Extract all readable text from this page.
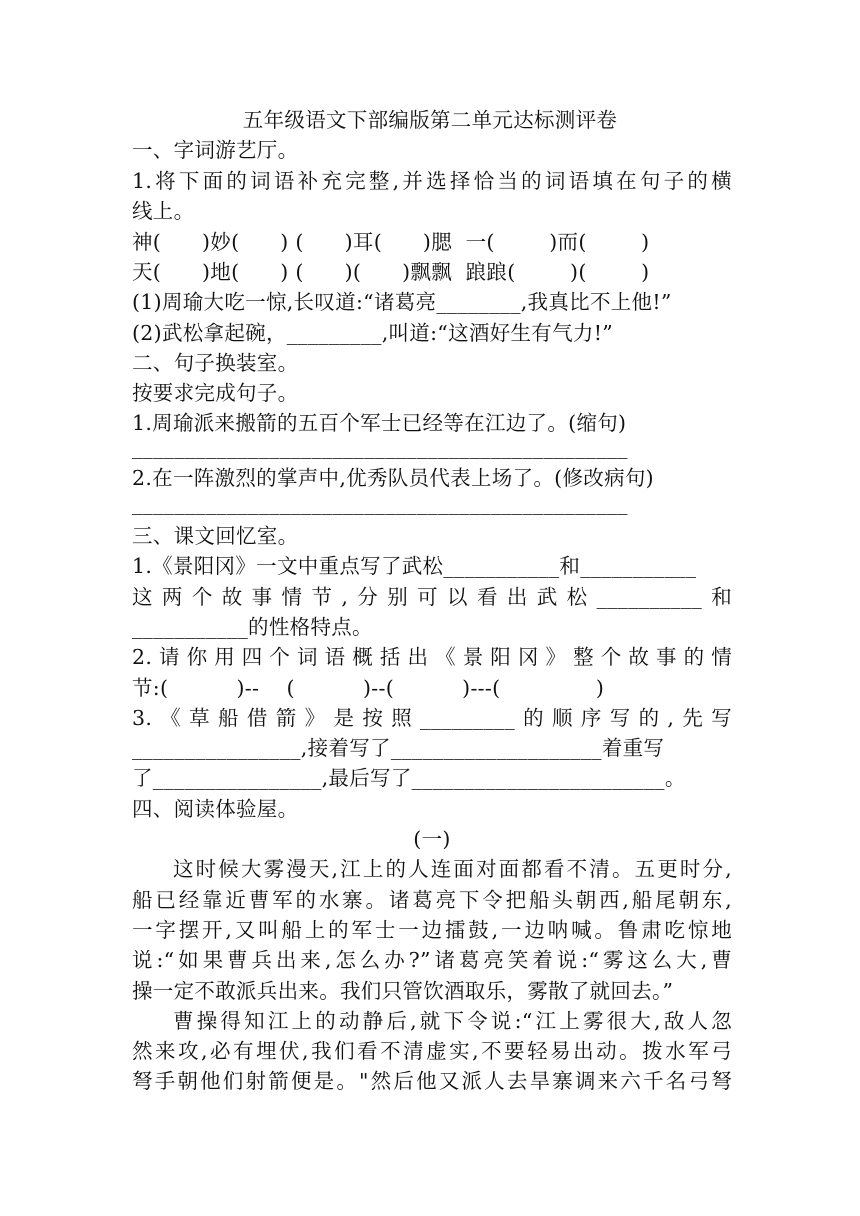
五年级语文下部编版第二单元达标测评卷
一、字词游艺厅。
1.将下面的词语补充完整,并选择恰当的词语填在句子的横
线上。
神(      )妙(      ) (      )耳(      )腮  一(        )而(        )
天(      )地(      ) (      )(      )飘飘  踉踉(        )(        )
(1)周瑜大吃一惊,长叹道:“诸葛亮________,我真比不上他!”
(2)武松拿起碗，_________,叫道:“这酒好生有气力!”
二、句子换装室。
按要求完成句子。
1.周瑜派来搬箭的五百个军士已经等在江边了。(缩句)
_______________________________________________
2.在一阵激烈的掌声中,优秀队员代表上场了。(修改病句)
_______________________________________________
三、课文回忆室。
1.《景阳冈》一文中重点写了武松___________和___________
这两个故事情节,分别可以看出武松__________和
___________的性格特点。
2.请你用四个词语概括出《景阳冈》整个故事的情
节:(          )--    (          )--(          )---(              )
3.《草船借箭》是按照_________的顺序写的,先写
________________,接着写了____________________着重写
了________________,最后写了________________________。
四、阅读体验屋。
(一)
这时候大雾漫天,江上的人连面对面都看不清。五更时分,
船已经靠近曹军的水寨。诸葛亮下令把船头朝西,船尾朝东,
一字摆开,又叫船上的军士一边擂鼓,一边呐喊。鲁肃吃惊地
说:“如果曹兵出来,怎么办?”诸葛亮笑着说:“雾这么大,曹
操一定不敢派兵出来。我们只管饮酒取乐，雾散了就回去。”
曹操得知江上的动静后,就下令说:“江上雾很大,敌人忽
然来攻,必有埋伏,我们看不清虚实,不要轻易出动。拨水军弓
弩手朝他们射箭便是。"然后他又派人去旱寨调来六千名弓弩
